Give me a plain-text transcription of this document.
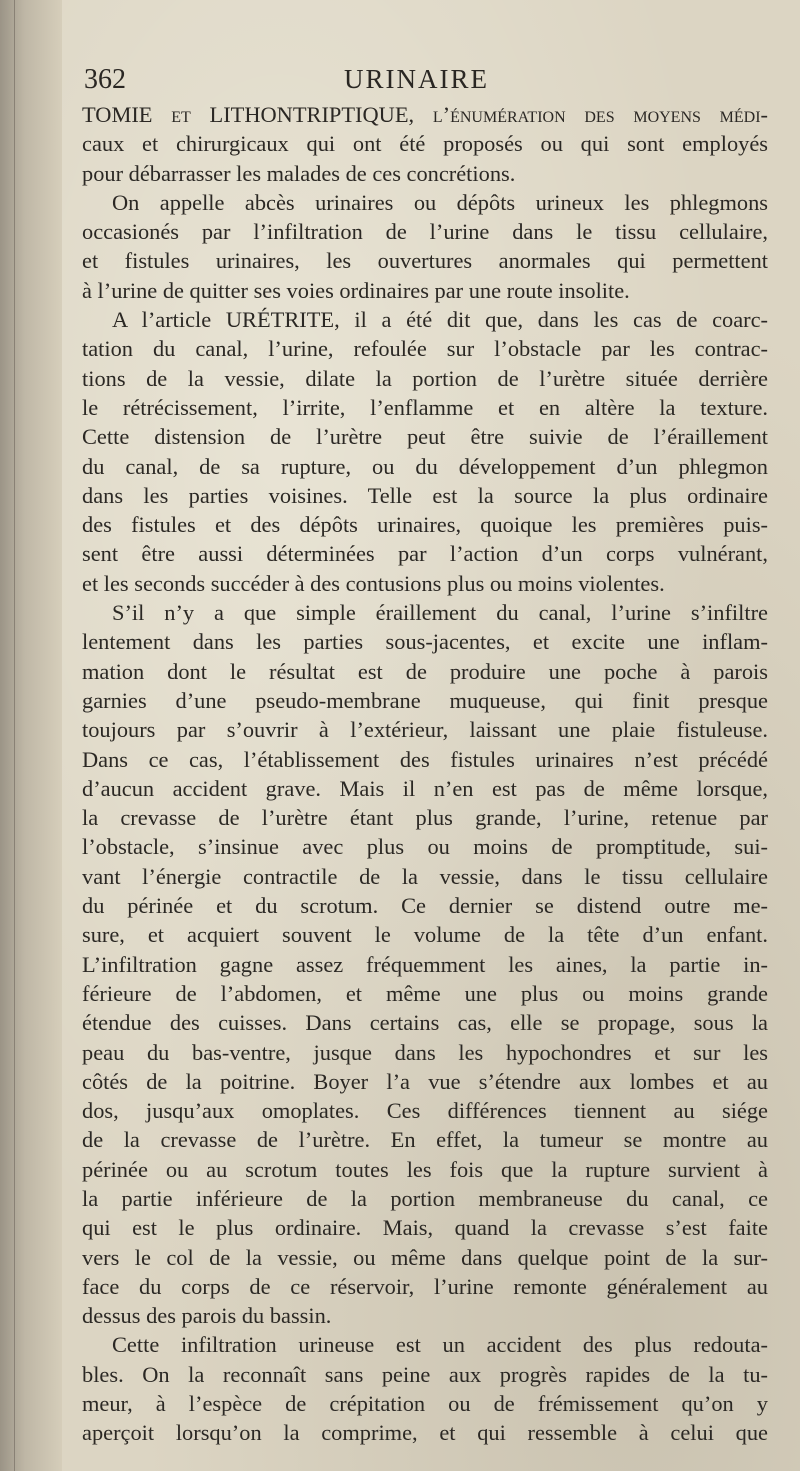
362	URINAIRE
TOMIE et LITHONTRIPTIQUE, l’énumération des moyens médi-
caux et chirurgicaux qui ont été proposés ou qui sont employés
pour débarrasser les malades de ces concrétions.
On appelle abcès urinaires ou dépôts urineux les phlegmons
occasionés par l’infiltration de l’urine dans le tissu cellulaire,
et fistules urinaires, les ouvertures anormales qui permettent
à l’urine de quitter ses voies ordinaires par une route insolite.
A l’article URÉTRITE, il a été dit que, dans les cas de coarc-
tation du canal, l’urine, refoulée sur l’obstacle par les contrac-
tions de la vessie, dilate la portion de l’urètre située derrière
le rétrécissement, l’irrite, l’enflamme et en altère la texture.
Cette distension de l’urètre peut être suivie de l’éraillement
du canal, de sa rupture, ou du développement d’un phlegmon
dans les parties voisines. Telle est la source la plus ordinaire
des fistules et des dépôts urinaires, quoique les premières puis-
sent être aussi déterminées par l’action d’un corps vulnérant,
et les seconds succéder à des contusions plus ou moins violentes.
S’il n’y a que simple éraillement du canal, l’urine s’infiltre
lentement dans les parties sous-jacentes, et excite une inflam-
mation dont le résultat est de produire une poche à parois
garnies d’une pseudo-membrane muqueuse, qui finit presque
toujours par s’ouvrir à l’extérieur, laissant une plaie fistuleuse.
Dans ce cas, l’établissement des fistules urinaires n’est précédé
d’aucun accident grave. Mais il n’en est pas de même lorsque,
la crevasse de l’urètre étant plus grande, l’urine, retenue par
l’obstacle, s’insinue avec plus ou moins de promptitude, sui-
vant l’énergie contractile de la vessie, dans le tissu cellulaire
du périnée et du scrotum. Ce dernier se distend outre me-
sure, et acquiert souvent le volume de la tête d’un enfant.
L’infiltration gagne assez fréquemment les aines, la partie in-
férieure de l’abdomen, et même une plus ou moins grande
étendue des cuisses. Dans certains cas, elle se propage, sous la
peau du bas-ventre, jusque dans les hypochondres et sur les
côtés de la poitrine. Boyer l’a vue s’étendre aux lombes et au
dos, jusqu’aux omoplates. Ces différences tiennent au siége
de la crevasse de l’urètre. En effet, la tumeur se montre au
périnée ou au scrotum toutes les fois que la rupture survient à
la partie inférieure de la portion membraneuse du canal, ce
qui est le plus ordinaire. Mais, quand la crevasse s’est faite
vers le col de la vessie, ou même dans quelque point de la sur-
face du corps de ce réservoir, l’urine remonte généralement au
dessus des parois du bassin.
Cette infiltration urineuse est un accident des plus redouta-
bles. On la reconnaît sans peine aux progrès rapides de la tu-
meur, à l’espèce de crépitation ou de frémissement qu’on y
aperçoit lorsqu’on la comprime, et qui ressemble à celui que
